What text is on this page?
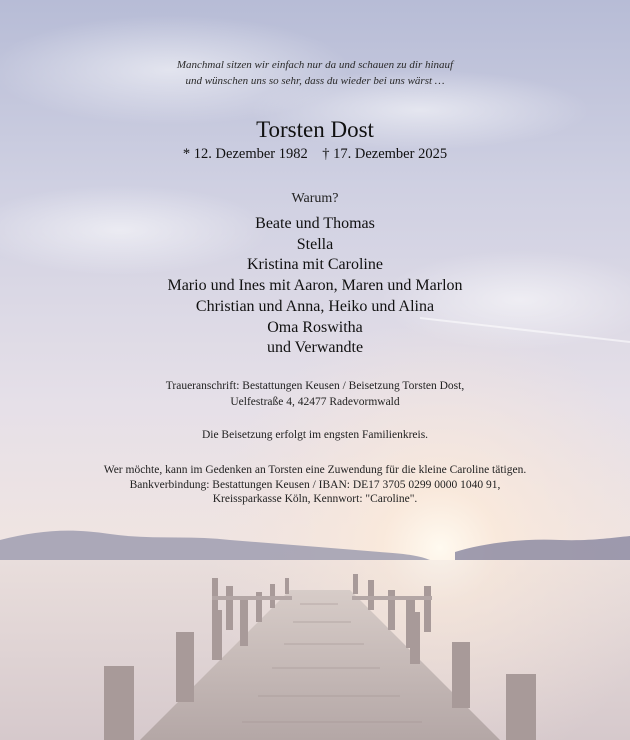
Manchmal sitzen wir einfach nur da und schauen zu dir hinauf
und wünschen uns so sehr, dass du wieder bei uns wärst …
Torsten Dost
* 12. Dezember 1982    † 17. Dezember 2025
Warum?
Beate und Thomas
Stella
Kristina mit Caroline
Mario und Ines mit Aaron, Maren und Marlon
Christian und Anna, Heiko und Alina
Oma Roswitha
und Verwandte
Traueranschrift: Bestattungen Keusen / Beisetzung Torsten Dost,
Uelfestraße 4, 42477 Radevormwald
Die Beisetzung erfolgt im engsten Familienkreis.
Wer möchte, kann im Gedenken an Torsten eine Zuwendung für die kleine Caroline tätigen.
Bankverbindung: Bestattungen Keusen / IBAN: DE17 3705 0299 0000 1040 91,
Kreissparkasse Köln, Kennwort: "Caroline".
